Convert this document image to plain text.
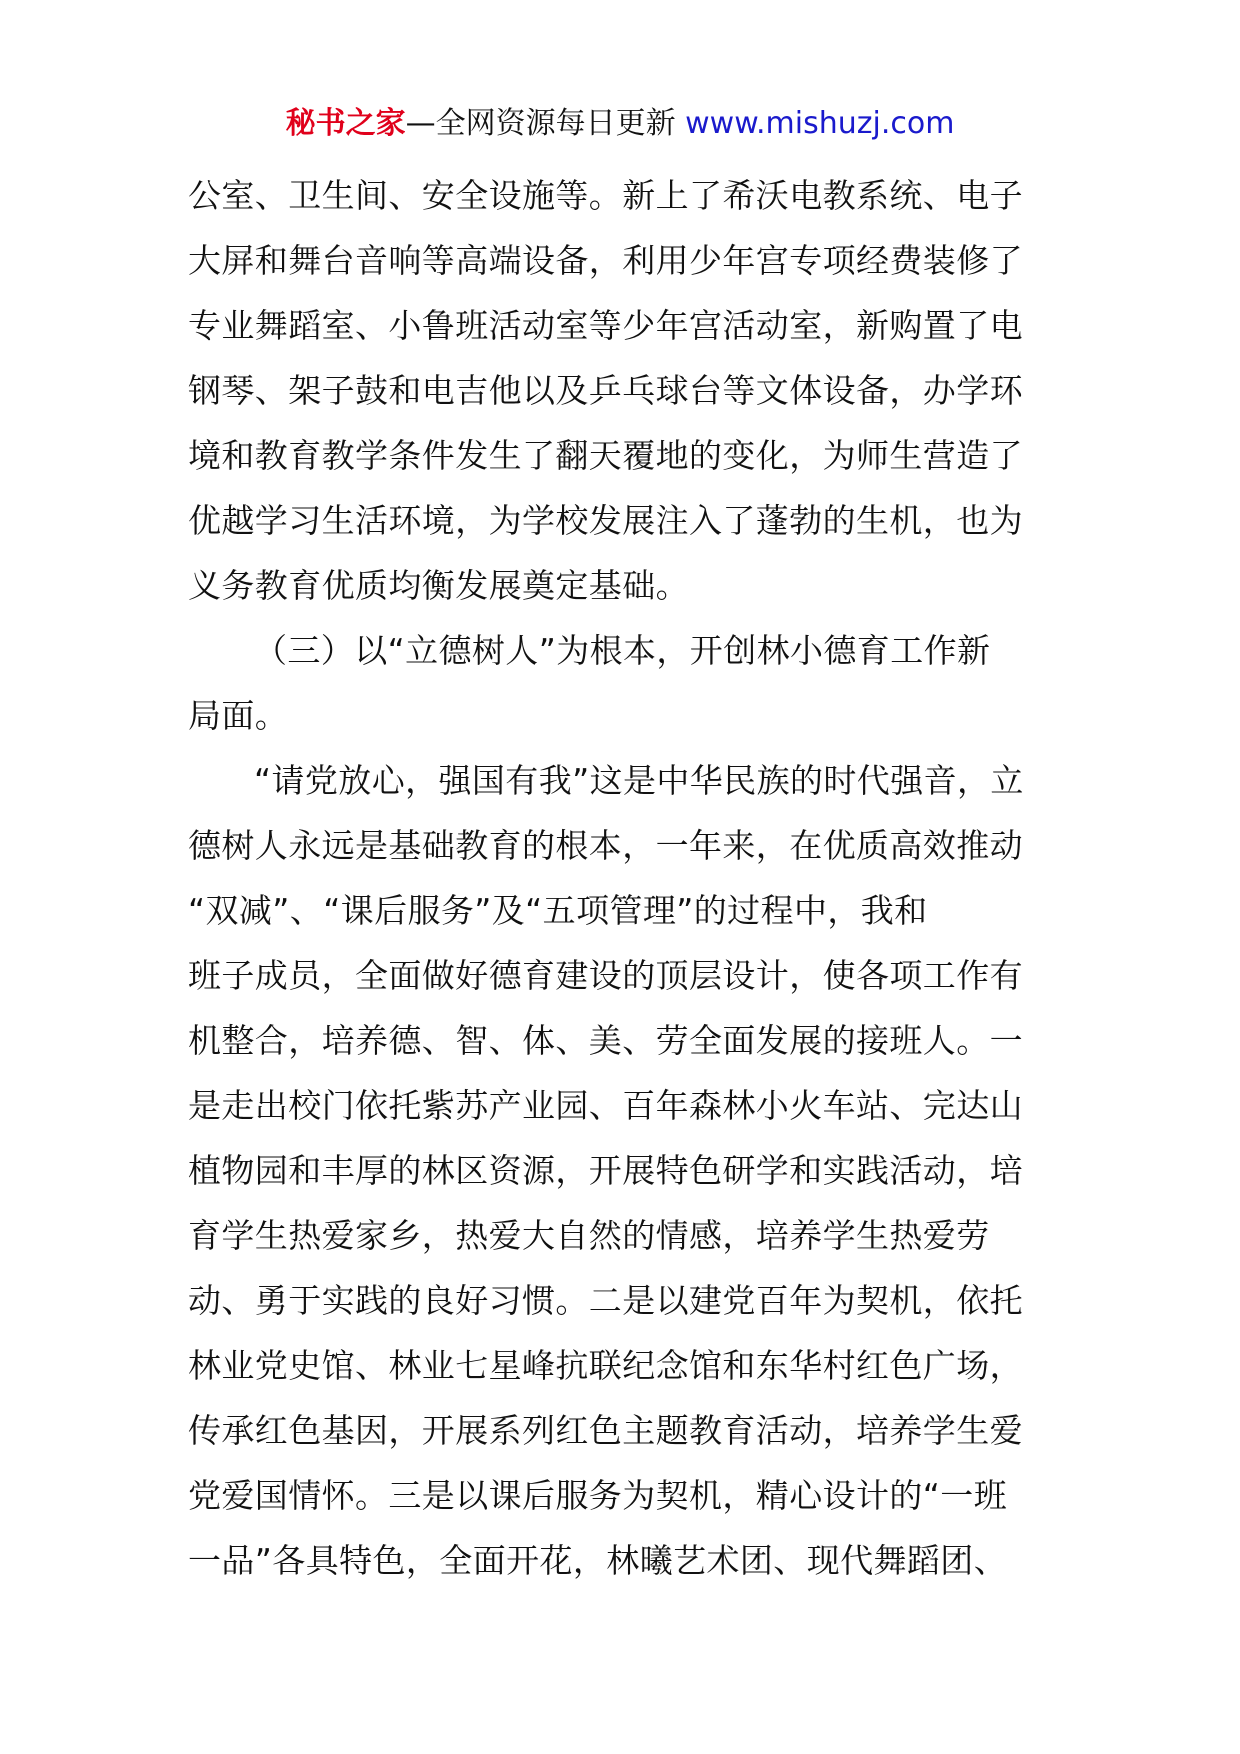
秘书之家—全网资源每日更新 www.mishuzj.com
公室、卫生间、安全设施等。新上了希沃电教系统、电子
大屏和舞台音响等高端设备，利用少年宫专项经费装修了
专业舞蹈室、小鲁班活动室等少年宫活动室，新购置了电
钢琴、架子鼓和电吉他以及乒乓球台等文体设备，办学环
境和教育教学条件发生了翻天覆地的变化，为师生营造了
优越学习生活环境，为学校发展注入了蓬勃的生机，也为
义务教育优质均衡发展奠定基础。
（三）以“立德树人”为根本，开创林小德育工作新
局面。
“请党放心，强国有我”这是中华民族的时代强音，立
德树人永远是基础教育的根本，一年来，在优质高效推动
“双减”、“课后服务”及“五项管理”的过程中，我和
班子成员，全面做好德育建设的顶层设计，使各项工作有
机整合，培养德、智、体、美、劳全面发展的接班人。一
是走出校门依托紫苏产业园、百年森林小火车站、完达山
植物园和丰厚的林区资源，开展特色研学和实践活动，培
育学生热爱家乡，热爱大自然的情感，培养学生热爱劳
动、勇于实践的良好习惯。二是以建党百年为契机，依托
林业党史馆、林业七星峰抗联纪念馆和东华村红色广场，
传承红色基因，开展系列红色主题教育活动，培养学生爱
党爱国情怀。三是以课后服务为契机，精心设计的“一班
一品”各具特色，全面开花，林曦艺术团、现代舞蹈团、
